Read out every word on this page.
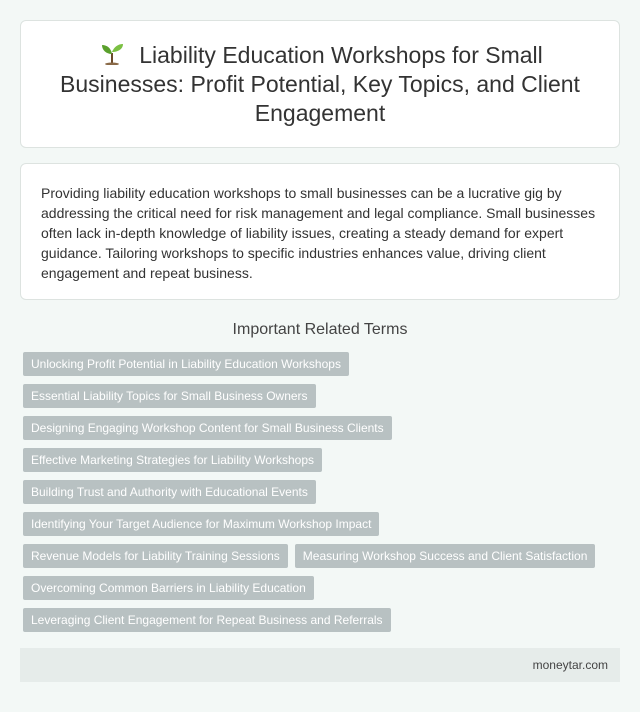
Liability Education Workshops for Small Businesses: Profit Potential, Key Topics, and Client Engagement

Providing liability education workshops to small businesses can be a lucrative gig by addressing the critical need for risk management and legal compliance. Small businesses often lack in-depth knowledge of liability issues, creating a steady demand for expert guidance. Tailoring workshops to specific industries enhances value, driving client engagement and repeat business.

Important Related Terms
Unlocking Profit Potential in Liability Education Workshops
Essential Liability Topics for Small Business Owners
Designing Engaging Workshop Content for Small Business Clients
Effective Marketing Strategies for Liability Workshops
Building Trust and Authority with Educational Events
Identifying Your Target Audience for Maximum Workshop Impact
Revenue Models for Liability Training Sessions	Measuring Workshop Success and Client Satisfaction
Overcoming Common Barriers in Liability Education
Leveraging Client Engagement for Repeat Business and Referrals
moneytar.com
